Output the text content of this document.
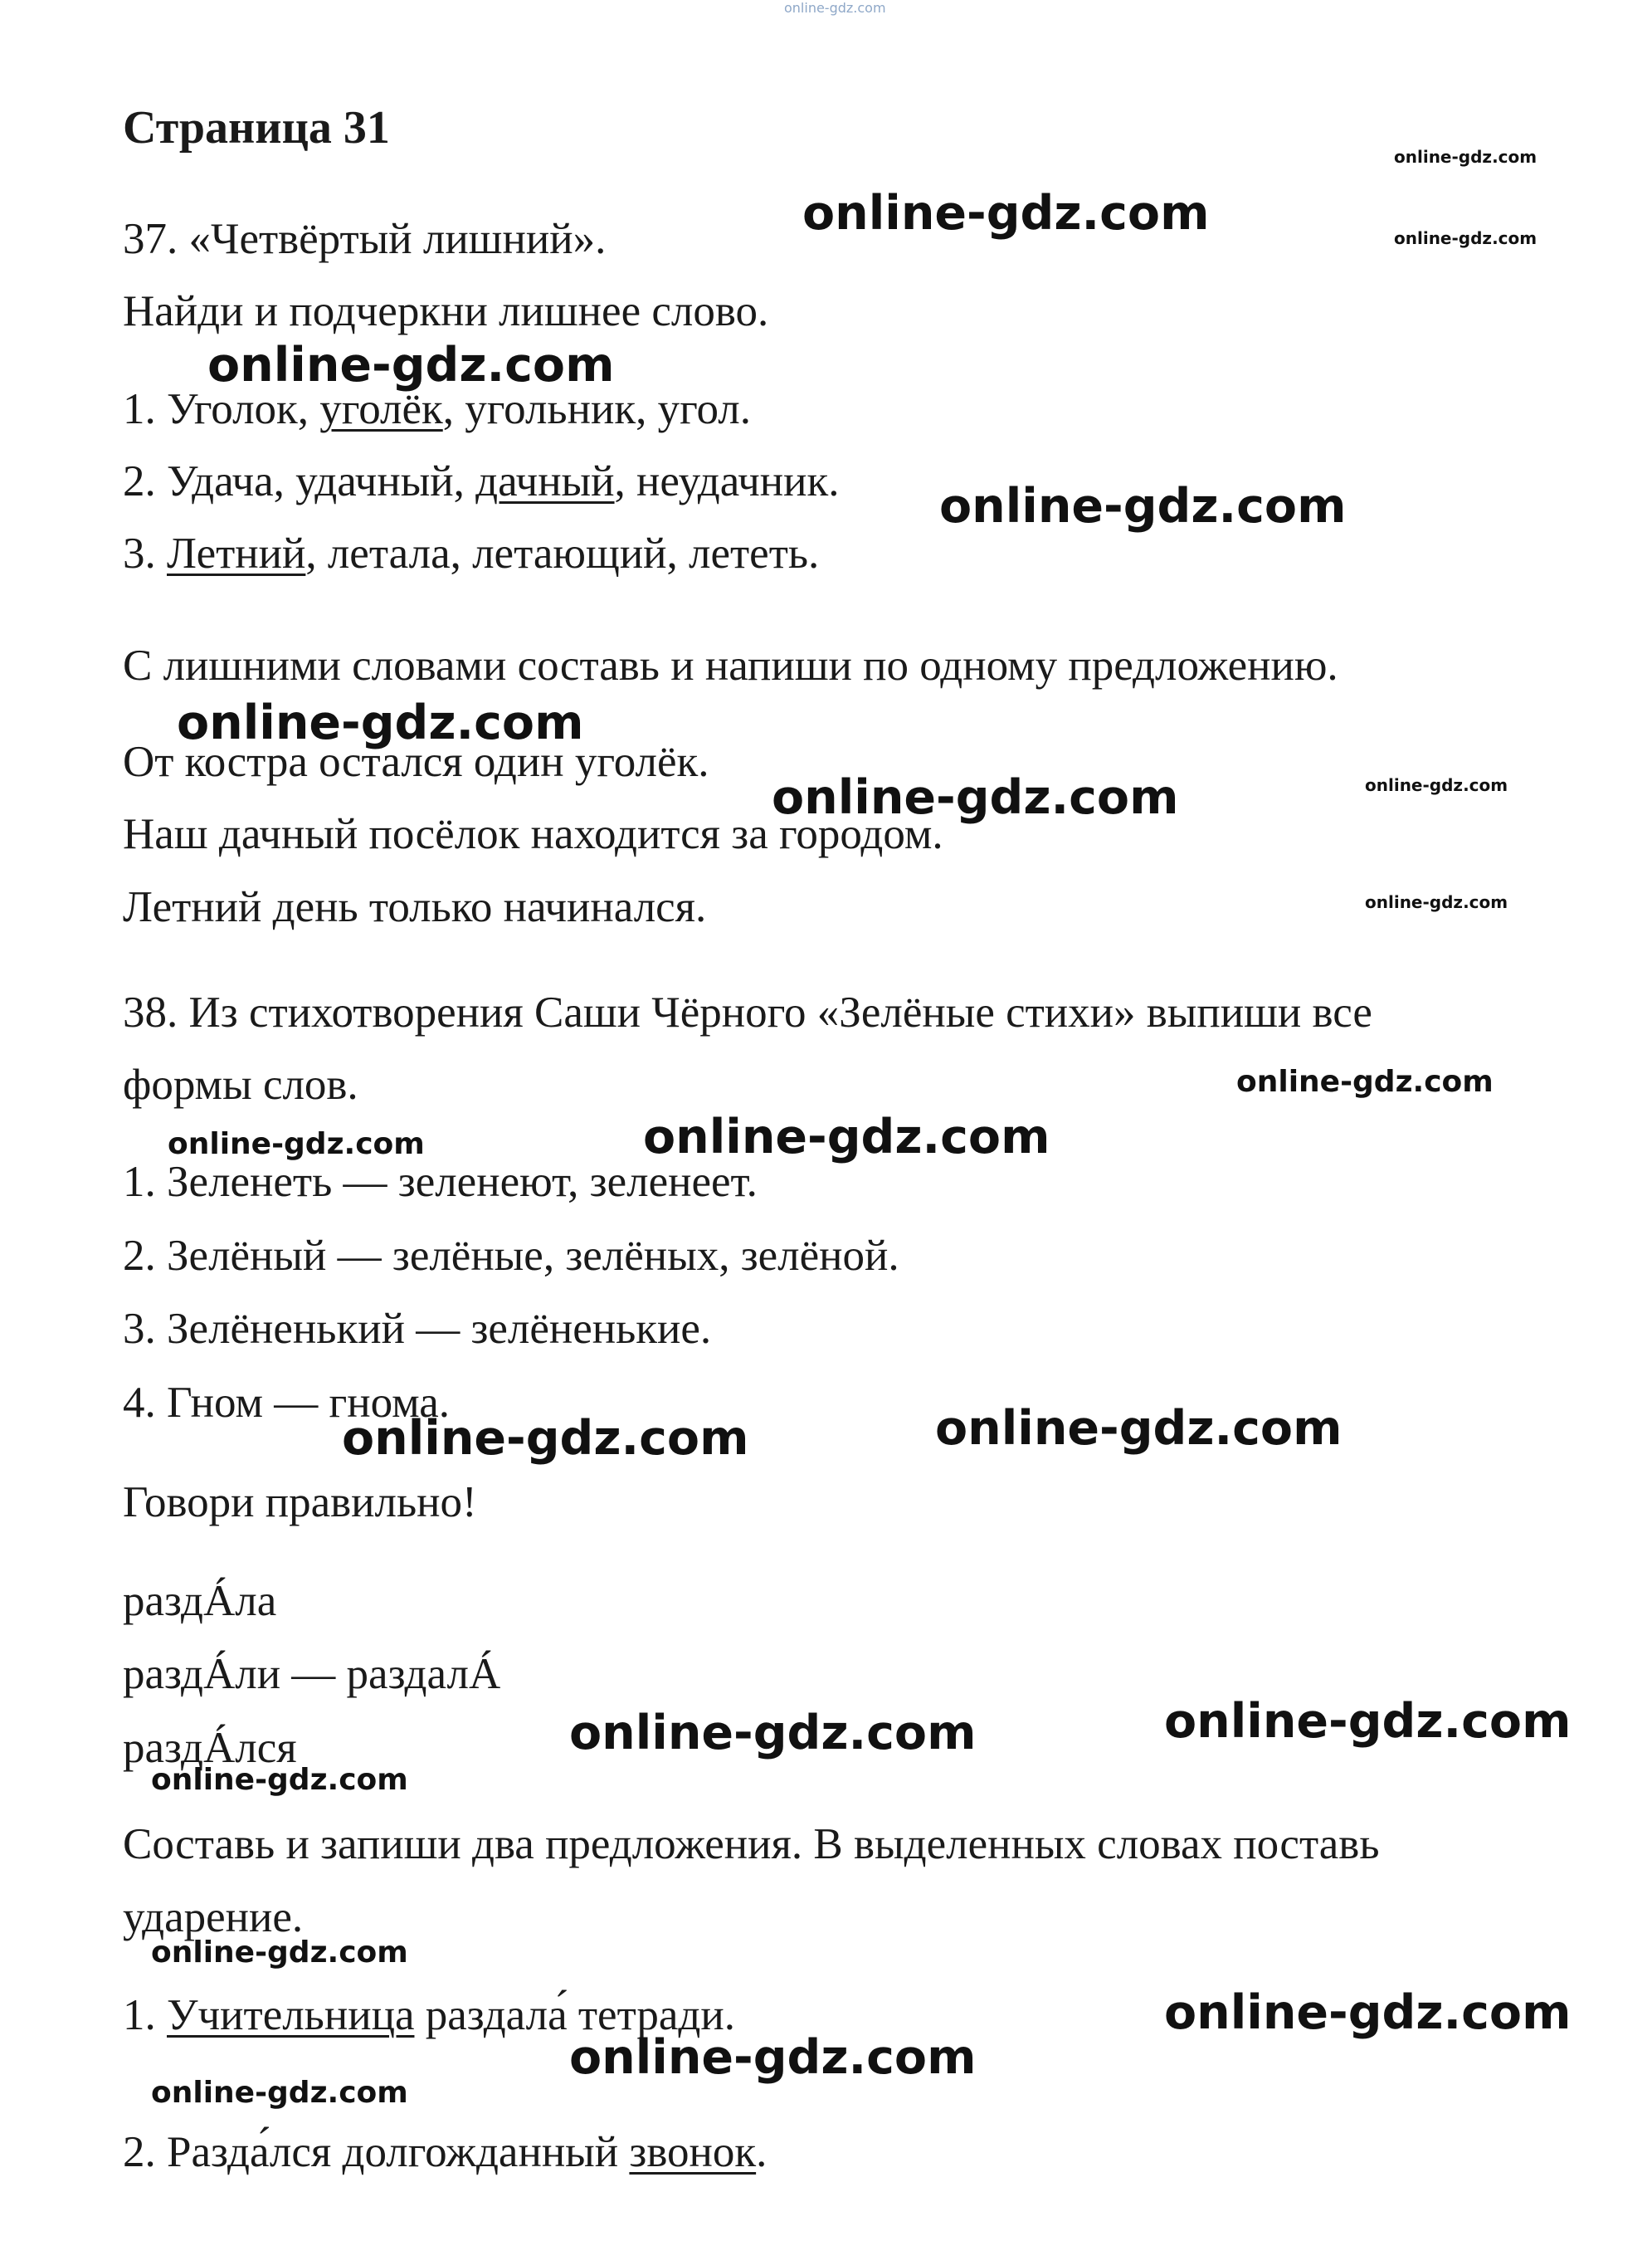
online-gdz.com
Страница 31
37. «Четвёртый лишний».
Найди и подчеркни лишнее слово.
1. Уголок, уголёк, угольник, угол.
2. Удача, удачный, дачный, неудачник.
3. Летний, летала, летающий, лететь.
С лишними словами составь и напиши по одному предложению.
От костра остался один уголёк.
Наш дачный посёлок находится за городом.
Летний день только начинался.
38. Из стихотворения Саши Чёрного «Зелёные стихи» выпиши все
формы слов.
1. Зеленеть — зеленеют, зеленеет.
2. Зелёный — зелёные, зелёных, зелёной.
3. Зелёненький — зелёненькие.
4. Гном — гнома.
Говори правильно!
раздÁла
раздÁли — раздалÁ
раздÁлся
Составь и запиши два предложения. В выделенных словах поставь
ударение.
1. Учительница раздала́ тетради.
2. Разда́лся долгожданный звонок.
online-gdz.com
online-gdz.com
online-gdz.com
online-gdz.com
online-gdz.com
online-gdz.com
online-gdz.com	online-gdz.com
online-gdz.com
online-gdz.com
online-gdz.com	online-gdz.com
online-gdz.com	online-gdz.com
online-gdz.com	online-gdz.com
online-gdz.com
online-gdz.com
online-gdz.com
online-gdz.com
online-gdz.com
